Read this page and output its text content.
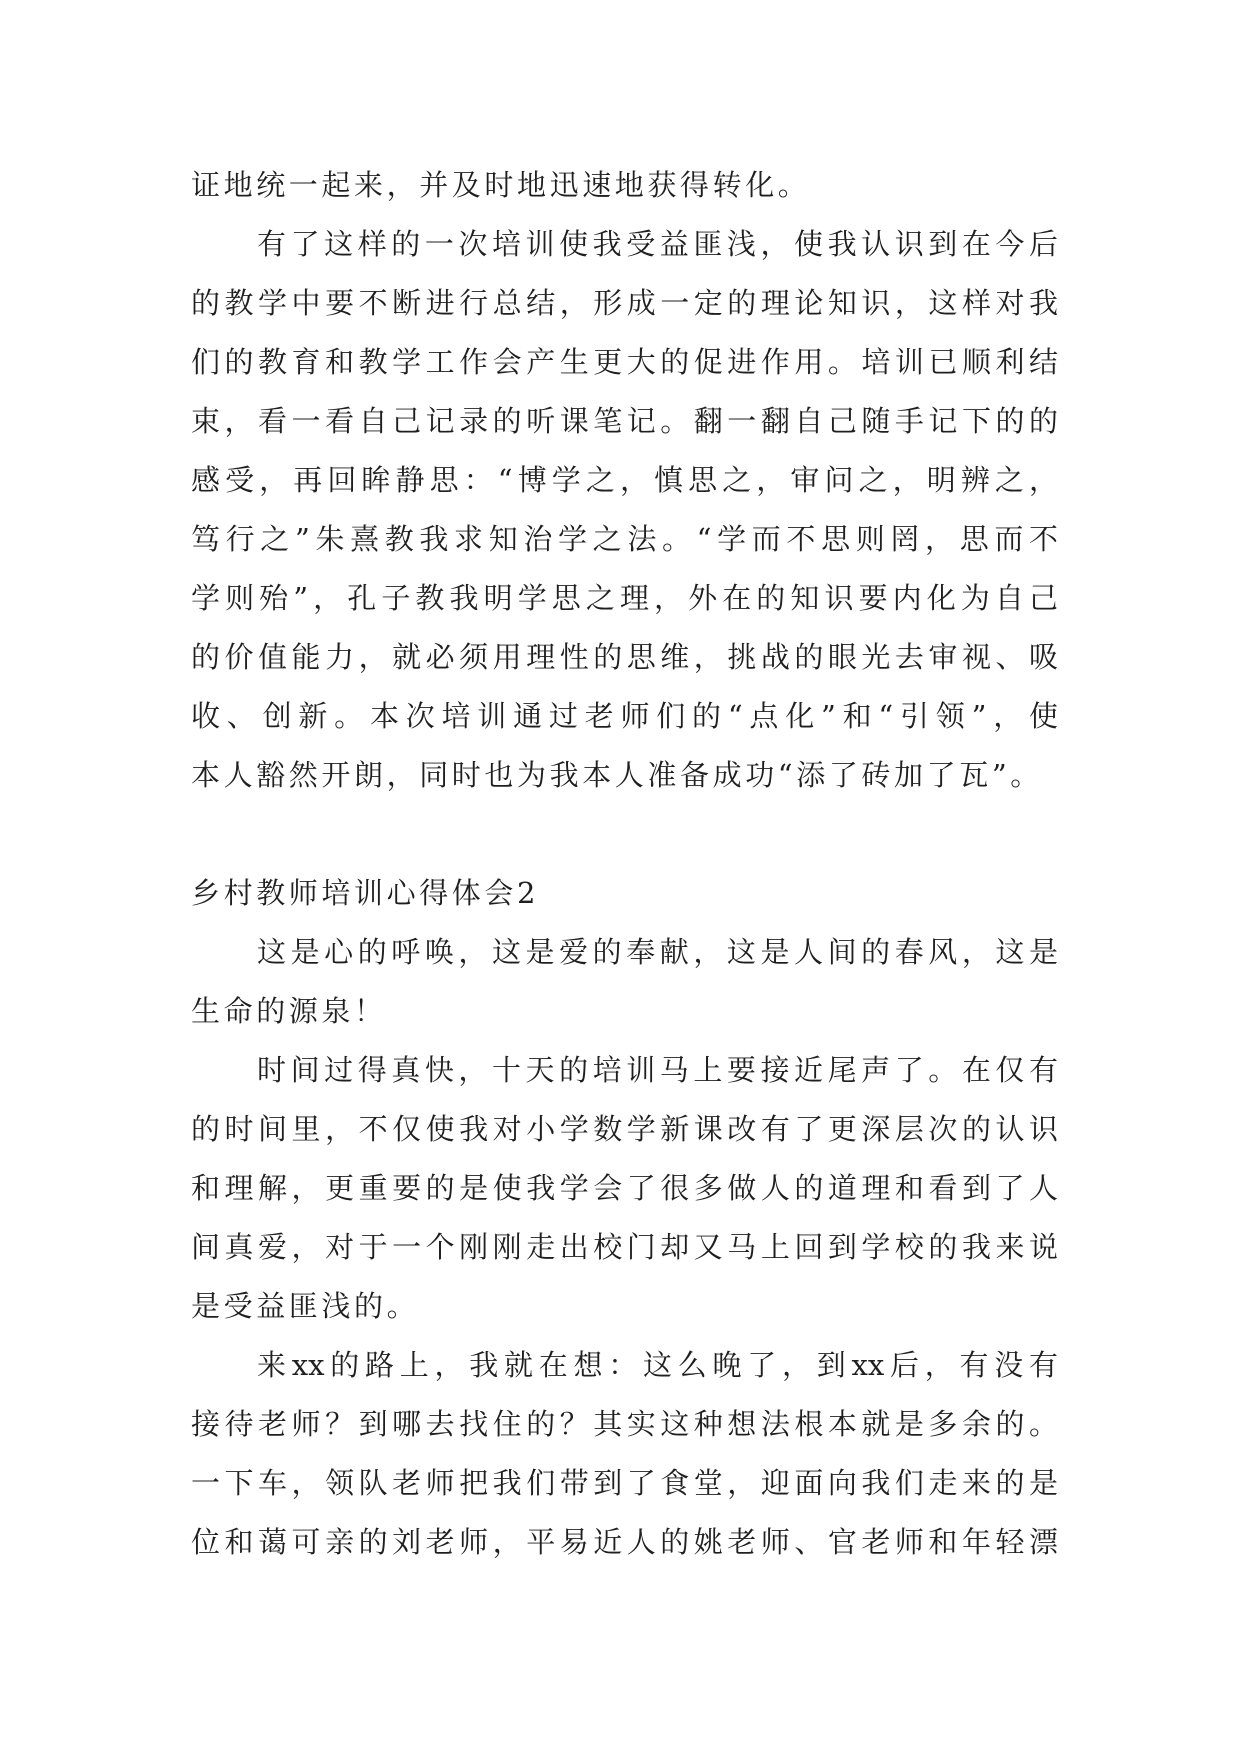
证地统一起来，并及时地迅速地获得转化。
有了这样的一次培训使我受益匪浅，使我认识到在今后
的教学中要不断进行总结，形成一定的理论知识，这样对我
们的教育和教学工作会产生更大的促进作用。培训已顺利结
束，看一看自己记录的听课笔记。翻一翻自己随手记下的的
感受，再回眸静思：“博学之，慎思之，审问之，明辨之，
笃行之”朱熹教我求知治学之法。“学而不思则罔，思而不
学则殆”，孔子教我明学思之理，外在的知识要内化为自己
的价值能力，就必须用理性的思维，挑战的眼光去审视、吸
收、创新。本次培训通过老师们的“点化”和“引领”，使
本人豁然开朗，同时也为我本人准备成功“添了砖加了瓦”。
乡村教师培训心得体会2
这是心的呼唤，这是爱的奉献，这是人间的春风，这是
生命的源泉！
时间过得真快，十天的培训马上要接近尾声了。在仅有
的时间里，不仅使我对小学数学新课改有了更深层次的认识
和理解，更重要的是使我学会了很多做人的道理和看到了人
间真爱，对于一个刚刚走出校门却又马上回到学校的我来说
是受益匪浅的。
来xx的路上，我就在想：这么晚了，到xx后，有没有
接待老师？到哪去找住的？其实这种想法根本就是多余的。
一下车，领队老师把我们带到了食堂，迎面向我们走来的是
位和蔼可亲的刘老师，平易近人的姚老师、官老师和年轻漂
